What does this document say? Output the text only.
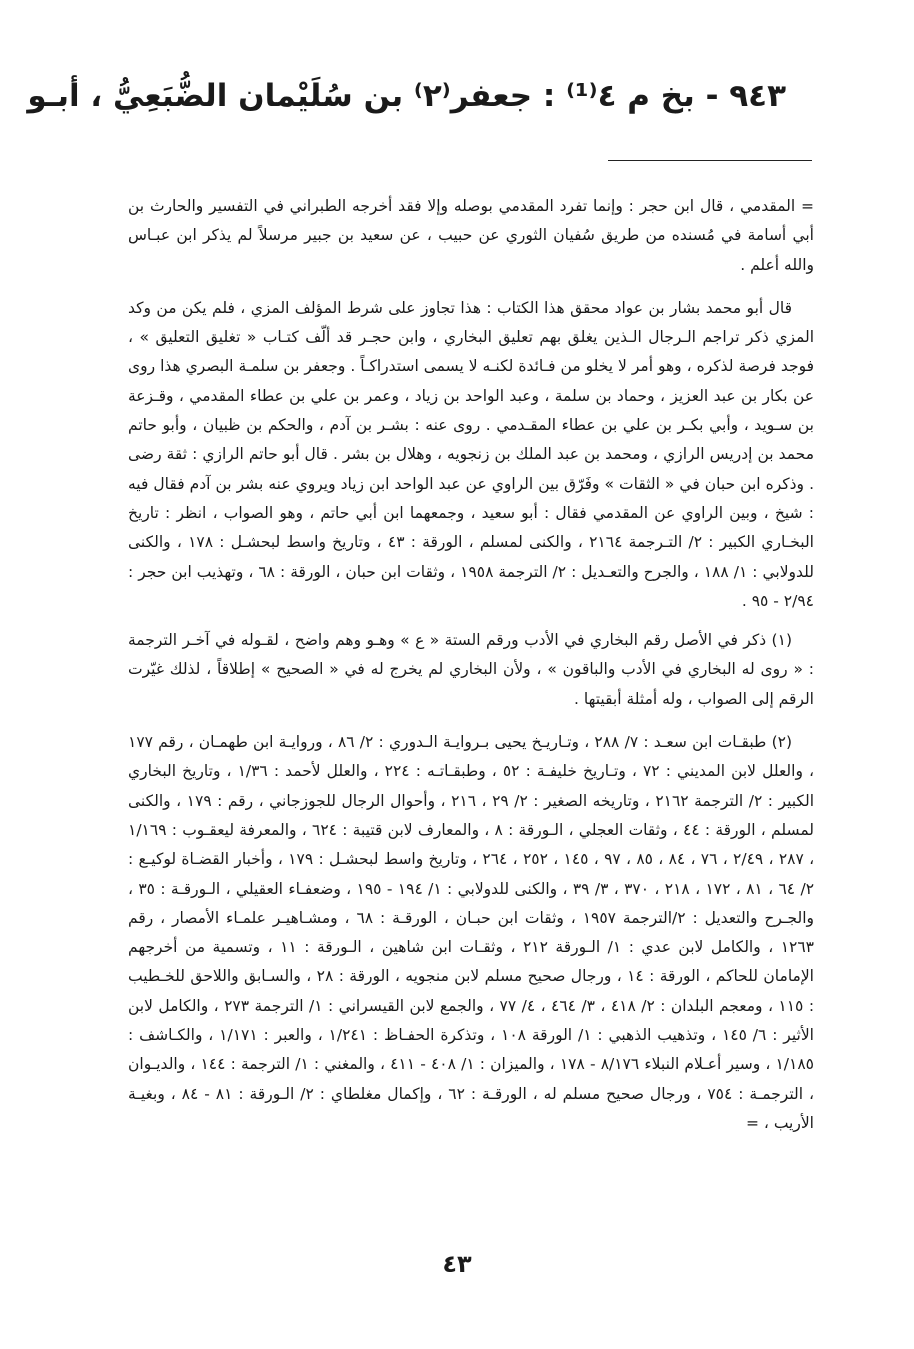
٩٤٣ - بخ م ٤⁽¹⁾ : جعفر⁽٢⁾ بن سُلَيْمان الضُّبَعِيُّ ، أبـو

= المقدمي ، قال ابن حجر : وإنما تفرد المقدمي بوصله وإلا فقد أخرجه الطبراني في التفسير والحارث بن أبي أسامة في مُسنده من طريق سُفيان الثوري عن حبيب ، عن سعيد بن جبير مرسلاً لم يذكر ابن عبـاس والله أعلم .

قال أبو محمد بشار بن عواد محقق هذا الكتاب : هذا تجاوز على شرط المؤلف المزي ، فلم يكن من وكد المزي ذكر تراجم الـرجال الـذين يغلق بهم تعليق البخاري ، وابن حجـر قد ألّف كتـاب « تغليق التعليق » ، فوجد فرصة لذكره ، وهو أمر لا يخلو من فـائدة لكنـه لا يسمى استدراكـاً . وجعفر بن سلمـة البصري هذا روى عن بكار بن عبد العزيز ، وحماد بن سلمة ، وعبد الواحد بن زياد ، وعمر بن علي بن عطاء المقدمي ، وقـزعة بن سـويد ، وأبي بكـر بن علي بن عطاء المقـدمي . روى عنه : بشـر بن آدم ، والحكم بن ظبيان ، وأبو حاتم محمد بن إدريس الرازي ، ومحمد بن عبد الملك بن زنجويه ، وهلال بن بشر . قال أبو حاتم الرازي : ثقة رضى . وذكره ابن حبان في « الثقات » وفَرّق بين الراوي عن عبد الواحد ابن زياد ويروي عنه بشر بن آدم فقال فيه : شيخ ، وبين الراوي عن المقدمي فقال : أبو سعيد ، وجمعهما ابن أبي حاتم ، وهو الصواب ، انظر : تاريخ البخـاري الكبير : ٢/ التـرجمة ٢١٦٤ ، والكنى لمسلم ، الورقة : ٤٣ ، وتاريخ واسط لبحشـل : ١٧٨ ، والكنى للدولابي : ١/ ١٨٨ ، والجرح والتعـديل : ٢/ الترجمة ١٩٥٨ ، وثقات ابن حبان ، الورقة : ٦٨ ، وتهذيب ابن حجر : ٢/٩٤ - ٩٥ .

(١) ذكر في الأصل رقم البخاري في الأدب ورقم الستة « ع » وهـو وهم واضح ، لقـوله في آخـر الترجمة : « روى له البخاري في الأدب والباقون » ، ولأن البخاري لم يخرج له في « الصحيح » إطلاقاً ، لذلك غيّرت الرقم إلى الصواب ، وله أمثلة أبقيتها .

(٢) طبقـات ابن سعـد : ٧/ ٢٨٨ ، وتـاريـخ يحيى بـروايـة الـدوري : ٢/ ٨٦ ، وروايـة ابن طهمـان ، رقم ١٧٧ ، والعلل لابن المديني : ٧٢ ، وتـاريخ خليفـة : ٥٢ ، وطبقـاتـه : ٢٢٤ ، والعلل لأحمد : ١/٣٦ ، وتاريخ البخاري الكبير : ٢/ الترجمة ٢١٦٢ ، وتاريخه الصغير : ٢/ ٢٩ ، ٢١٦ ، وأحوال الرجال للجوزجاني ، رقم : ١٧٩ ، والكنى لمسلم ، الورقة : ٤٤ ، وثقات العجلي ، الـورقة : ٨ ، والمعارف لابن قتيبة : ٦٢٤ ، والمعرفة ليعقـوب : ١/١٦٩ ، ٢٨٧ ، ٢/٤٩ ، ٧٦ ، ٨٤ ، ٨٥ ، ٩٧ ، ١٤٥ ، ٢٥٢ ، ٢٦٤ ، وتاريخ واسط لبحشـل : ١٧٩ ، وأخبار القضـاة لوكيـع : ٢/ ٦٤ ، ٨١ ، ١٧٢ ، ٢١٨ ، ٣٧٠ ، ٣/ ٣٩ ، والكنى للدولابي : ١/ ١٩٤ - ١٩٥ ، وضعفـاء العقيلي ، الـورقـة : ٣٥ ، والجـرح والتعديل : ٢/الترجمة ١٩٥٧ ، وثقات ابن حبـان ، الورقـة : ٦٨ ، ومشـاهيـر علمـاء الأمصار ، رقم ١٢٦٣ ، والكامل لابن عدي : ١/ الـورقة ٢١٢ ، وثقـات ابن شاهين ، الـورقة : ١١ ، وتسمية من أخرجهم الإمامان للحاكم ، الورقة : ١٤ ، ورجال صحيح مسلم لابن منجويه ، الورقة : ٢٨ ، والسـابق واللاحق للخـطيب : ١١٥ ، ومعجم البلدان : ٢/ ٤١٨ ، ٣/ ٤٦٤ ، ٤/ ٧٧ ، والجمع لابن القيسراني : ١/ الترجمة ٢٧٣ ، والكامل لابن الأثير : ٦/ ١٤٥ ، وتذهيب الذهبي : ١/ الورقة ١٠٨ ، وتذكرة الحفـاظ : ١/٢٤١ ، والعبر : ١/١٧١ ، والكـاشف : ١/١٨٥ ، وسير أعـلام النبلاء ٨/١٧٦ - ١٧٨ ، والميزان : ١/ ٤٠٨ - ٤١١ ، والمغني : ١/ الترجمة : ١٤٤ ، والديـوان ، الترجمـة : ٧٥٤ ، ورجال صحيح مسلم له ، الورقـة : ٦٢ ، وإكمال مغلطاي : ٢/ الـورقة : ٨١ - ٨٤ ، وبغيـة الأريب ، =

٤٣
